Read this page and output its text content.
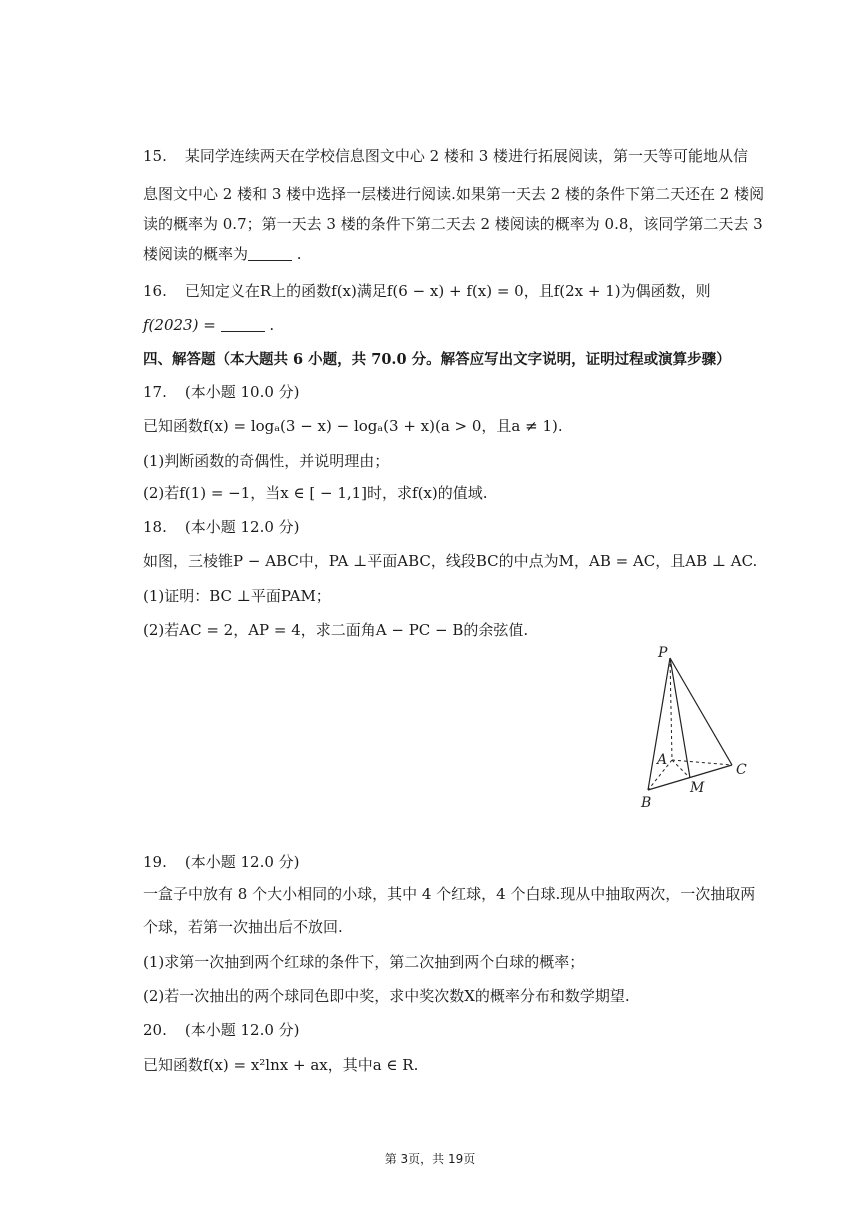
15. 某同学连续两天在学校信息图文中心 2 楼和 3 楼进行拓展阅读，第一天等可能地从信
息图文中心 2 楼和 3 楼中选择一层楼进行阅读.如果第一天去 2 楼的条件下第二天还在 2 楼阅
读的概率为 0.7；第一天去 3 楼的条件下第二天去 2 楼阅读的概率为 0.8，该同学第二天去 3
楼阅读的概率为	.
16. 已知定义在R上的函数f(x)满足f(6 − x) + f(x) = 0，且f(2x + 1)为偶函数，则
f(2023) =	.
四、解答题（本大题共 6 小题，共 70.0 分。解答应写出文字说明，证明过程或演算步骤）
17. (本小题 10.0 分)
已知函数f(x) = logₐ(3 − x) − logₐ(3 + x)(a > 0，且a ≠ 1).
(1)判断函数的奇偶性，并说明理由；
(2)若f(1) = −1，当x ∈ [ − 1,1]时，求f(x)的值域.
18. (本小题 12.0 分)
如图，三棱锥P − ABC中，PA ⊥平面ABC，线段BC的中点为M，AB = AC，且AB ⊥ AC.
(1)证明：BC ⊥平面PAM；
(2)若AC = 2，AP = 4，求二面角A − PC − B的余弦值.
P
A
B
C
M
19. (本小题 12.0 分)
一盒子中放有 8 个大小相同的小球，其中 4 个红球，4 个白球.现从中抽取两次，一次抽取两
个球，若第一次抽出后不放回.
(1)求第一次抽到两个红球的条件下，第二次抽到两个白球的概率；
(2)若一次抽出的两个球同色即中奖，求中奖次数X的概率分布和数学期望.
20. (本小题 12.0 分)
已知函数f(x) = x²lnx + ax，其中a ∈ R.
第 3页，共 19页
